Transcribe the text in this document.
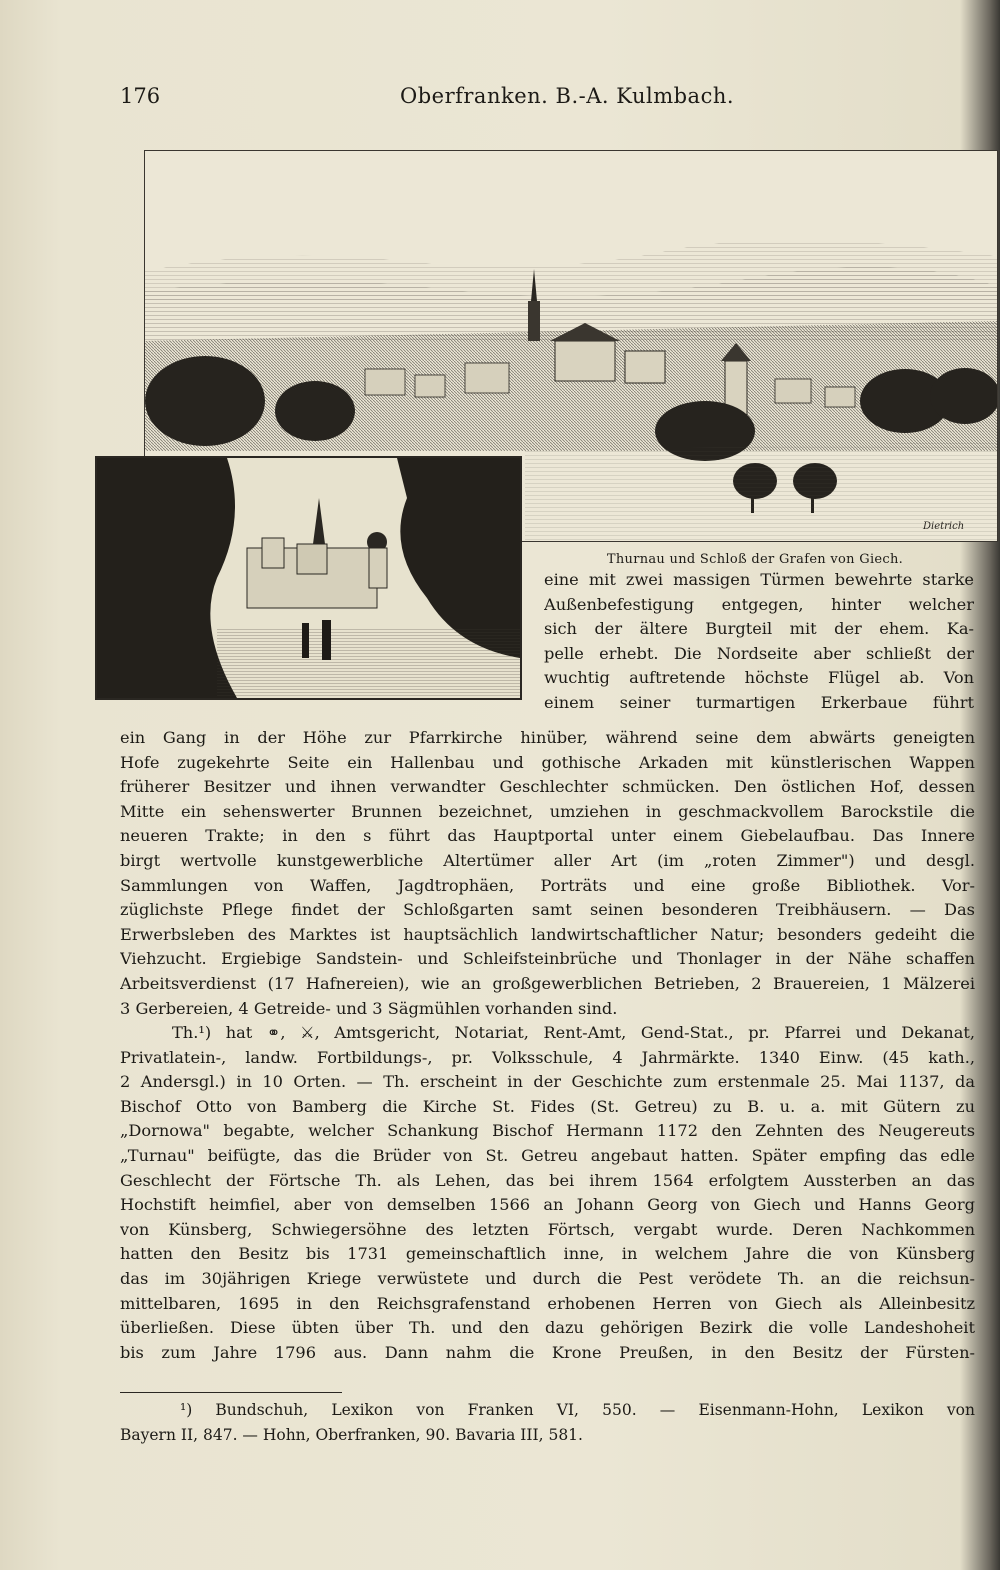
176	Oberfranken. B.-A. Kulmbach.
Dietrich
Thurnau und Schloß der Grafen von Giech.
eine mit zwei massigen Türmen bewehrte starke
Außenbefestigung entgegen, hinter welcher
sich der ältere Burgteil mit der ehem. Ka-
pelle erhebt. Die Nordseite aber schließt der
wuchtig auftretende höchste Flügel ab. Von
einem seiner turmartigen Erkerbaue führt
ein Gang in der Höhe zur Pfarrkirche hinüber, während seine dem abwärts geneigten
Hofe zugekehrte Seite ein Hallenbau und gothische Arkaden mit künstlerischen Wappen
früherer Besitzer und ihnen verwandter Geschlechter schmücken. Den östlichen Hof, dessen
Mitte ein sehenswerter Brunnen bezeichnet, umziehen in geschmackvollem Barockstile die
neueren Trakte; in den s führt das Hauptportal unter einem Giebelaufbau. Das Innere
birgt wertvolle kunstgewerbliche Altertümer aller Art (im „roten Zimmer") und desgl.
Sammlungen von Waffen, Jagdtrophäen, Porträts und eine große Bibliothek. Vor-
züglichste Pflege findet der Schloßgarten samt seinen besonderen Treibhäusern. — Das
Erwerbsleben des Marktes ist hauptsächlich landwirtschaftlicher Natur; besonders gedeiht die
Viehzucht. Ergiebige Sandstein- und Schleifsteinbrüche und Thonlager in der Nähe schaffen
Arbeitsverdienst (17 Hafnereien), wie an großgewerblichen Betrieben, 2 Brauereien, 1 Mälzerei
3 Gerbereien, 4 Getreide- und 3 Sägmühlen vorhanden sind.
Th.¹) hat ⚭, ⚔, Amtsgericht, Notariat, Rent-Amt, Gend-Stat., pr. Pfarrei und Dekanat,
Privatlatein-, landw. Fortbildungs-, pr. Volksschule, 4 Jahrmärkte. 1340 Einw. (45 kath.,
2 Andersgl.) in 10 Orten. — Th. erscheint in der Geschichte zum erstenmale 25. Mai 1137, da
Bischof Otto von Bamberg die Kirche St. Fides (St. Getreu) zu B. u. a. mit Gütern zu
„Dornowa" begabte, welcher Schankung Bischof Hermann 1172 den Zehnten des Neugereuts
„Turnau" beifügte, das die Brüder von St. Getreu angebaut hatten. Später empfing das edle
Geschlecht der Förtsche Th. als Lehen, das bei ihrem 1564 erfolgtem Aussterben an das
Hochstift heimfiel, aber von demselben 1566 an Johann Georg von Giech und Hanns Georg
von Künsberg, Schwiegersöhne des letzten Förtsch, vergabt wurde. Deren Nachkommen
hatten den Besitz bis 1731 gemeinschaftlich inne, in welchem Jahre die von Künsberg
das im 30jährigen Kriege verwüstete und durch die Pest verödete Th. an die reichsun-
mittelbaren, 1695 in den Reichsgrafenstand erhobenen Herren von Giech als Alleinbesitz
überließen. Diese übten über Th. und den dazu gehörigen Bezirk die volle Landeshoheit
bis zum Jahre 1796 aus. Dann nahm die Krone Preußen, in den Besitz der Fürsten-
¹) Bundschuh, Lexikon von Franken VI, 550. — Eisenmann-Hohn, Lexikon von
Bayern II, 847. — Hohn, Oberfranken, 90. Bavaria III, 581.
